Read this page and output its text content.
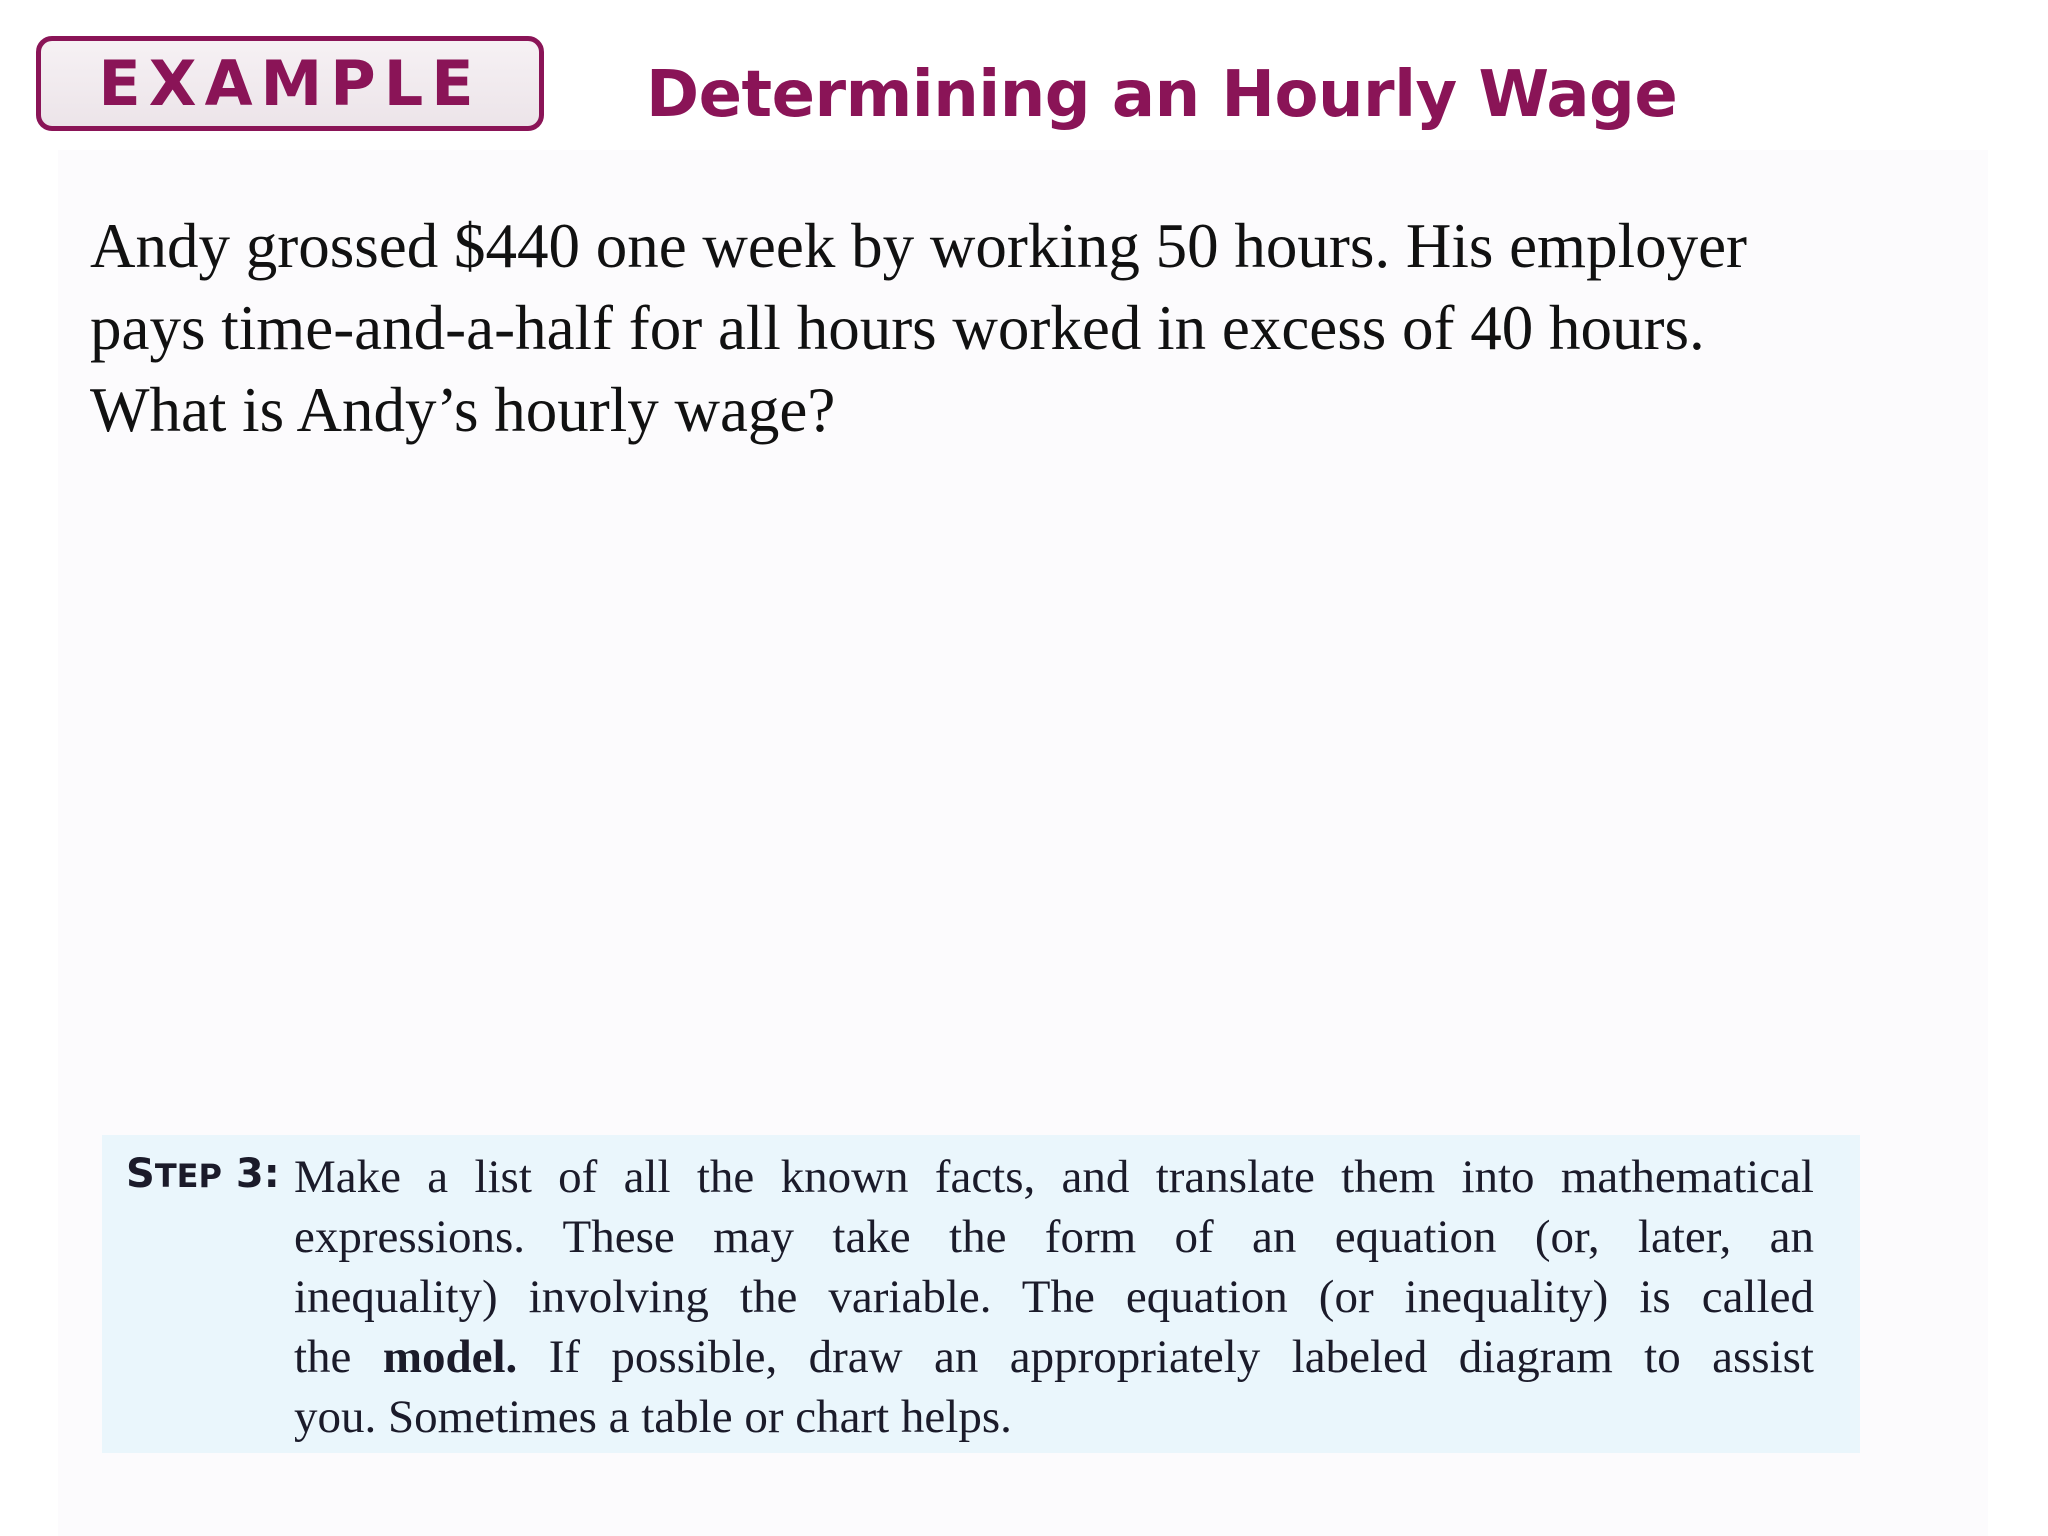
EXAMPLE	Determining an Hourly Wage
Andy grossed $440 one week by working 50 hours. His employer
pays time-and-a-half for all hours worked in excess of 40 hours.
What is Andy’s hourly wage?
STEP 3: Make a list of all the known facts, and translate them into mathematical
expressions. These may take the form of an equation (or, later, an
inequality) involving the variable. The equation (or inequality) is called
the model. If possible, draw an appropriately labeled diagram to assist
you. Sometimes a table or chart helps.
